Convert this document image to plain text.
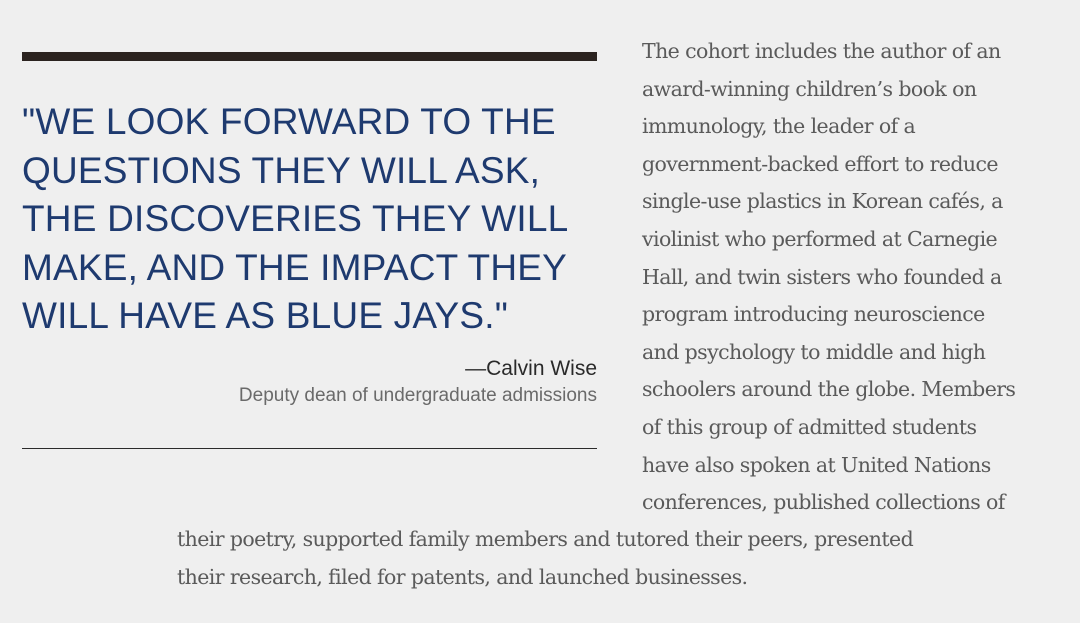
"WE LOOK FORWARD TO THE
QUESTIONS THEY WILL ASK,
THE DISCOVERIES THEY WILL
MAKE, AND THE IMPACT THEY
WILL HAVE AS BLUE JAYS."
—Calvin Wise
Deputy dean of undergraduate admissions
The cohort includes the author of an
award-winning children’s book on
immunology, the leader of a
government-backed effort to reduce
single-use plastics in Korean cafés, a
violinist who performed at Carnegie
Hall, and twin sisters who founded a
program introducing neuroscience
and psychology to middle and high
schoolers around the globe. Members
of this group of admitted students
have also spoken at United Nations
conferences, published collections of
their poetry, supported family members and tutored their peers, presented
their research, filed for patents, and launched businesses.
